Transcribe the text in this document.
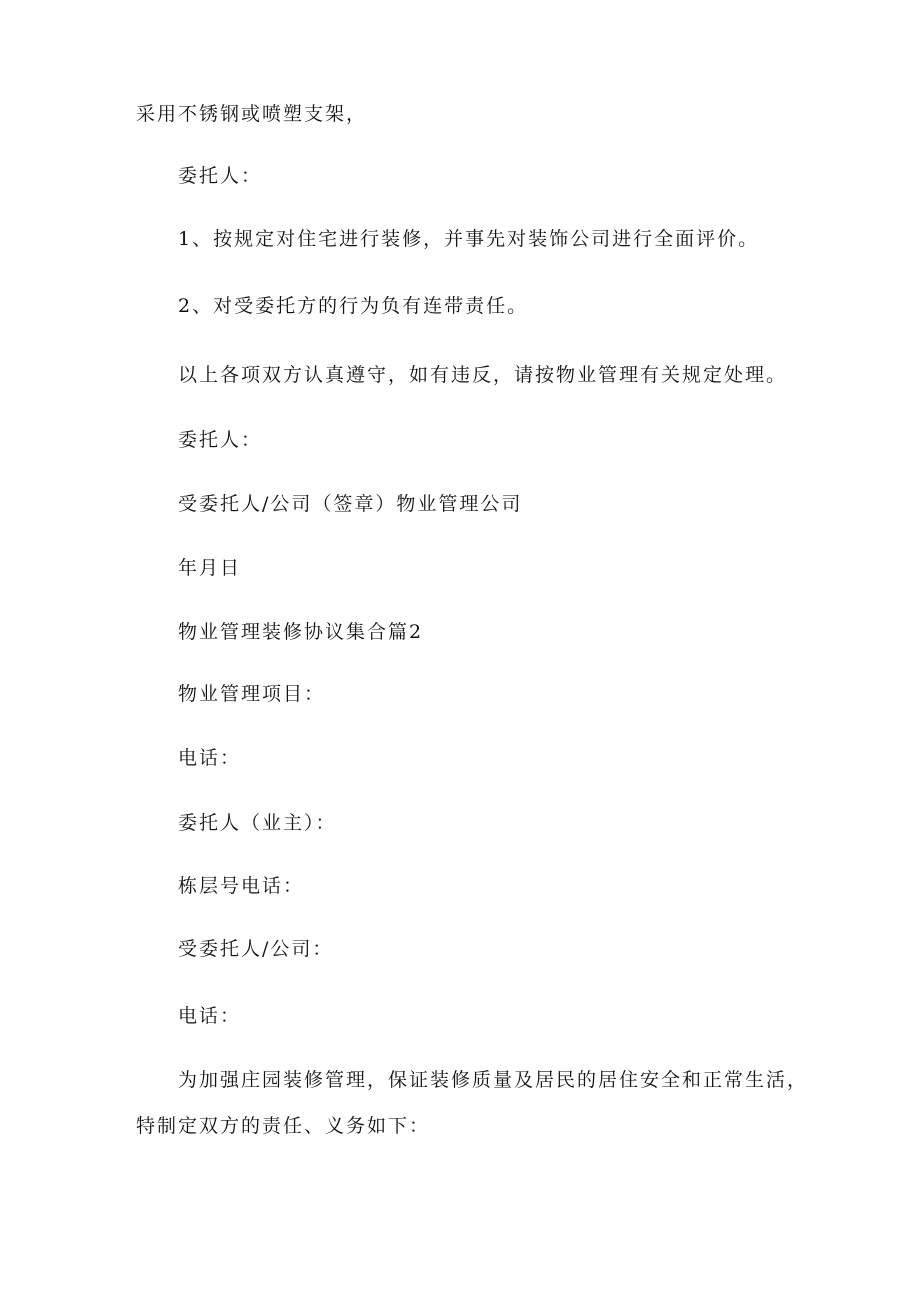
采用不锈钢或喷塑支架，
委托人：
1、按规定对住宅进行装修，并事先对装饰公司进行全面评价。
2、对受委托方的行为负有连带责任。
以上各项双方认真遵守，如有违反，请按物业管理有关规定处理。
委托人：
受委托人/公司（签章）物业管理公司
年月日
物业管理装修协议集合篇2
物业管理项目：
电话：
委托人（业主）：
栋层号电话：
受委托人/公司：
电话：
为加强庄园装修管理，保证装修质量及居民的居住安全和正常生活，
特制定双方的责任、义务如下：
